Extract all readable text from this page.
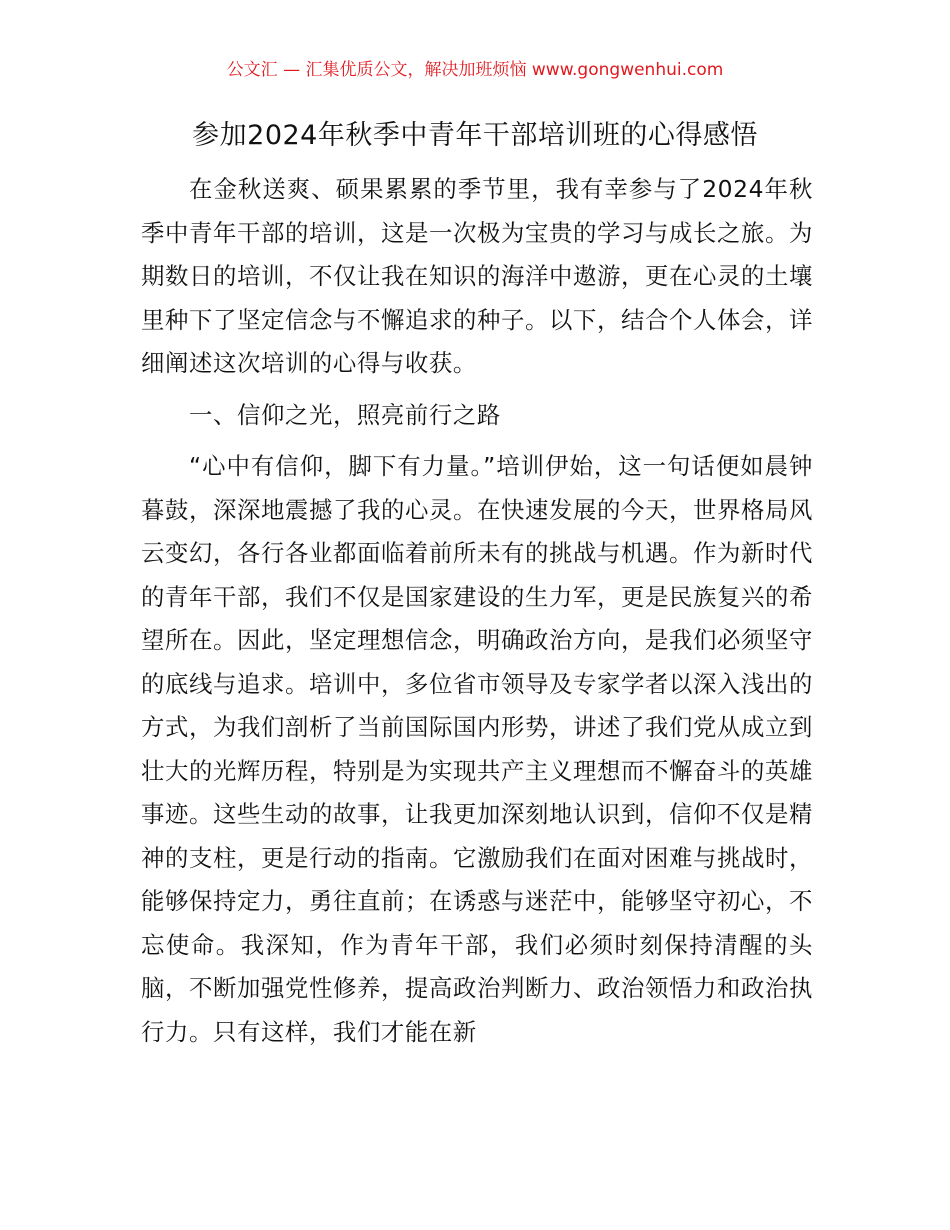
公文汇 — 汇集优质公文，解决加班烦恼 www.gongwenhui.com
参加2024年秋季中青年干部培训班的心得感悟

在金秋送爽、硕果累累的季节里，我有幸参与了2024年秋季中青年干部的培训，这是一次极为宝贵的学习与成长之旅。为期数日的培训，不仅让我在知识的海洋中遨游，更在心灵的土壤里种下了坚定信念与不懈追求的种子。以下，结合个人体会，详细阐述这次培训的心得与收获。

一、信仰之光，照亮前行之路

“心中有信仰，脚下有力量。”培训伊始，这一句话便如晨钟暮鼓，深深地震撼了我的心灵。在快速发展的今天，世界格局风云变幻，各行各业都面临着前所未有的挑战与机遇。作为新时代的青年干部，我们不仅是国家建设的生力军，更是民族复兴的希望所在。因此，坚定理想信念，明确政治方向，是我们必须坚守的底线与追求。培训中，多位省市领导及专家学者以深入浅出的方式，为我们剖析了当前国际国内形势，讲述了我们党从成立到壮大的光辉历程，特别是为实现共产主义理想而不懈奋斗的英雄事迹。这些生动的故事，让我更加深刻地认识到，信仰不仅是精神的支柱，更是行动的指南。它激励我们在面对困难与挑战时，能够保持定力，勇往直前；在诱惑与迷茫中，能够坚守初心，不忘使命。我深知，作为青年干部，我们必须时刻保持清醒的头脑，不断加强党性修养，提高政治判断力、政治领悟力和政治执行力。只有这样，我们才能在新
